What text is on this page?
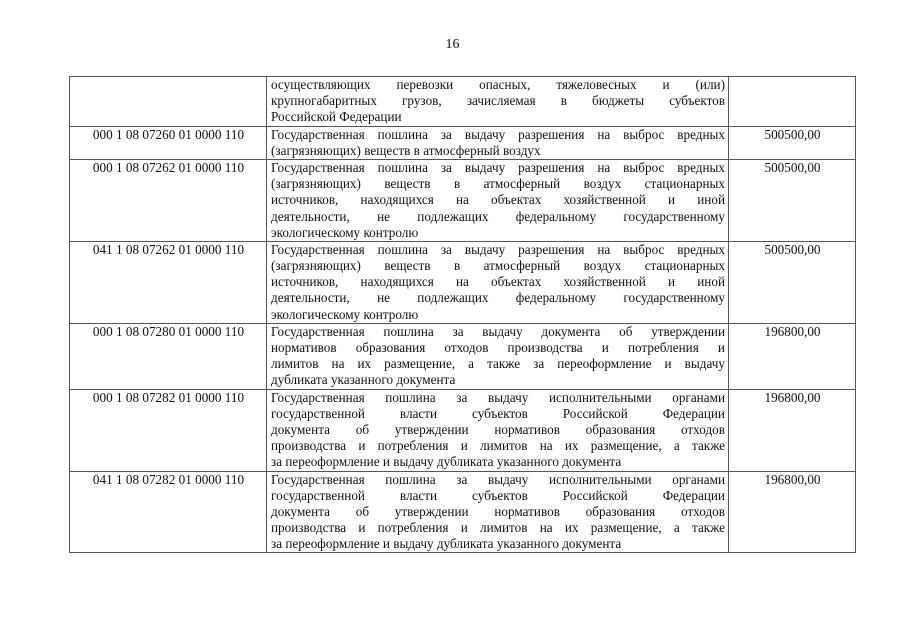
16

	осуществляющих перевозки опасных, тяжеловесных и (или)
крупногабаритных грузов, зачисляемая в бюджеты субъектов
Российской Федерации	

000 1 08 07260 01 0000 110	Государственная пошлина за выдачу разрешения на выброс вредных
(загрязняющих) веществ в атмосферный воздух	500500,00
000 1 08 07262 01 0000 110	Государственная пошлина за выдачу разрешения на выброс вредных
(загрязняющих) веществ в атмосферный воздух стационарных
источников, находящихся на объектах хозяйственной и иной
деятельности, не подлежащих федеральному государственному
экологическому контролю	500500,00
041 1 08 07262 01 0000 110	Государственная пошлина за выдачу разрешения на выброс вредных
(загрязняющих) веществ в атмосферный воздух стационарных
источников, находящихся на объектах хозяйственной и иной
деятельности, не подлежащих федеральному государственному
экологическому контролю	500500,00
000 1 08 07280 01 0000 110	Государственная пошлина за выдачу документа об утверждении
нормативов образования отходов производства и потребления и
лимитов на их размещение, а также за переоформление и выдачу
дубликата указанного документа	196800,00
000 1 08 07282 01 0000 110	Государственная пошлина за выдачу исполнительными органами
государственной власти субъектов Российской Федерации
документа об утверждении нормативов образования отходов
производства и потребления и лимитов на их размещение, а также
за переоформление и выдачу дубликата указанного документа	196800,00
041 1 08 07282 01 0000 110	Государственная пошлина за выдачу исполнительными органами
государственной власти субъектов Российской Федерации
документа об утверждении нормативов образования отходов
производства и потребления и лимитов на их размещение, а также
за переоформление и выдачу дубликата указанного документа	196800,00
